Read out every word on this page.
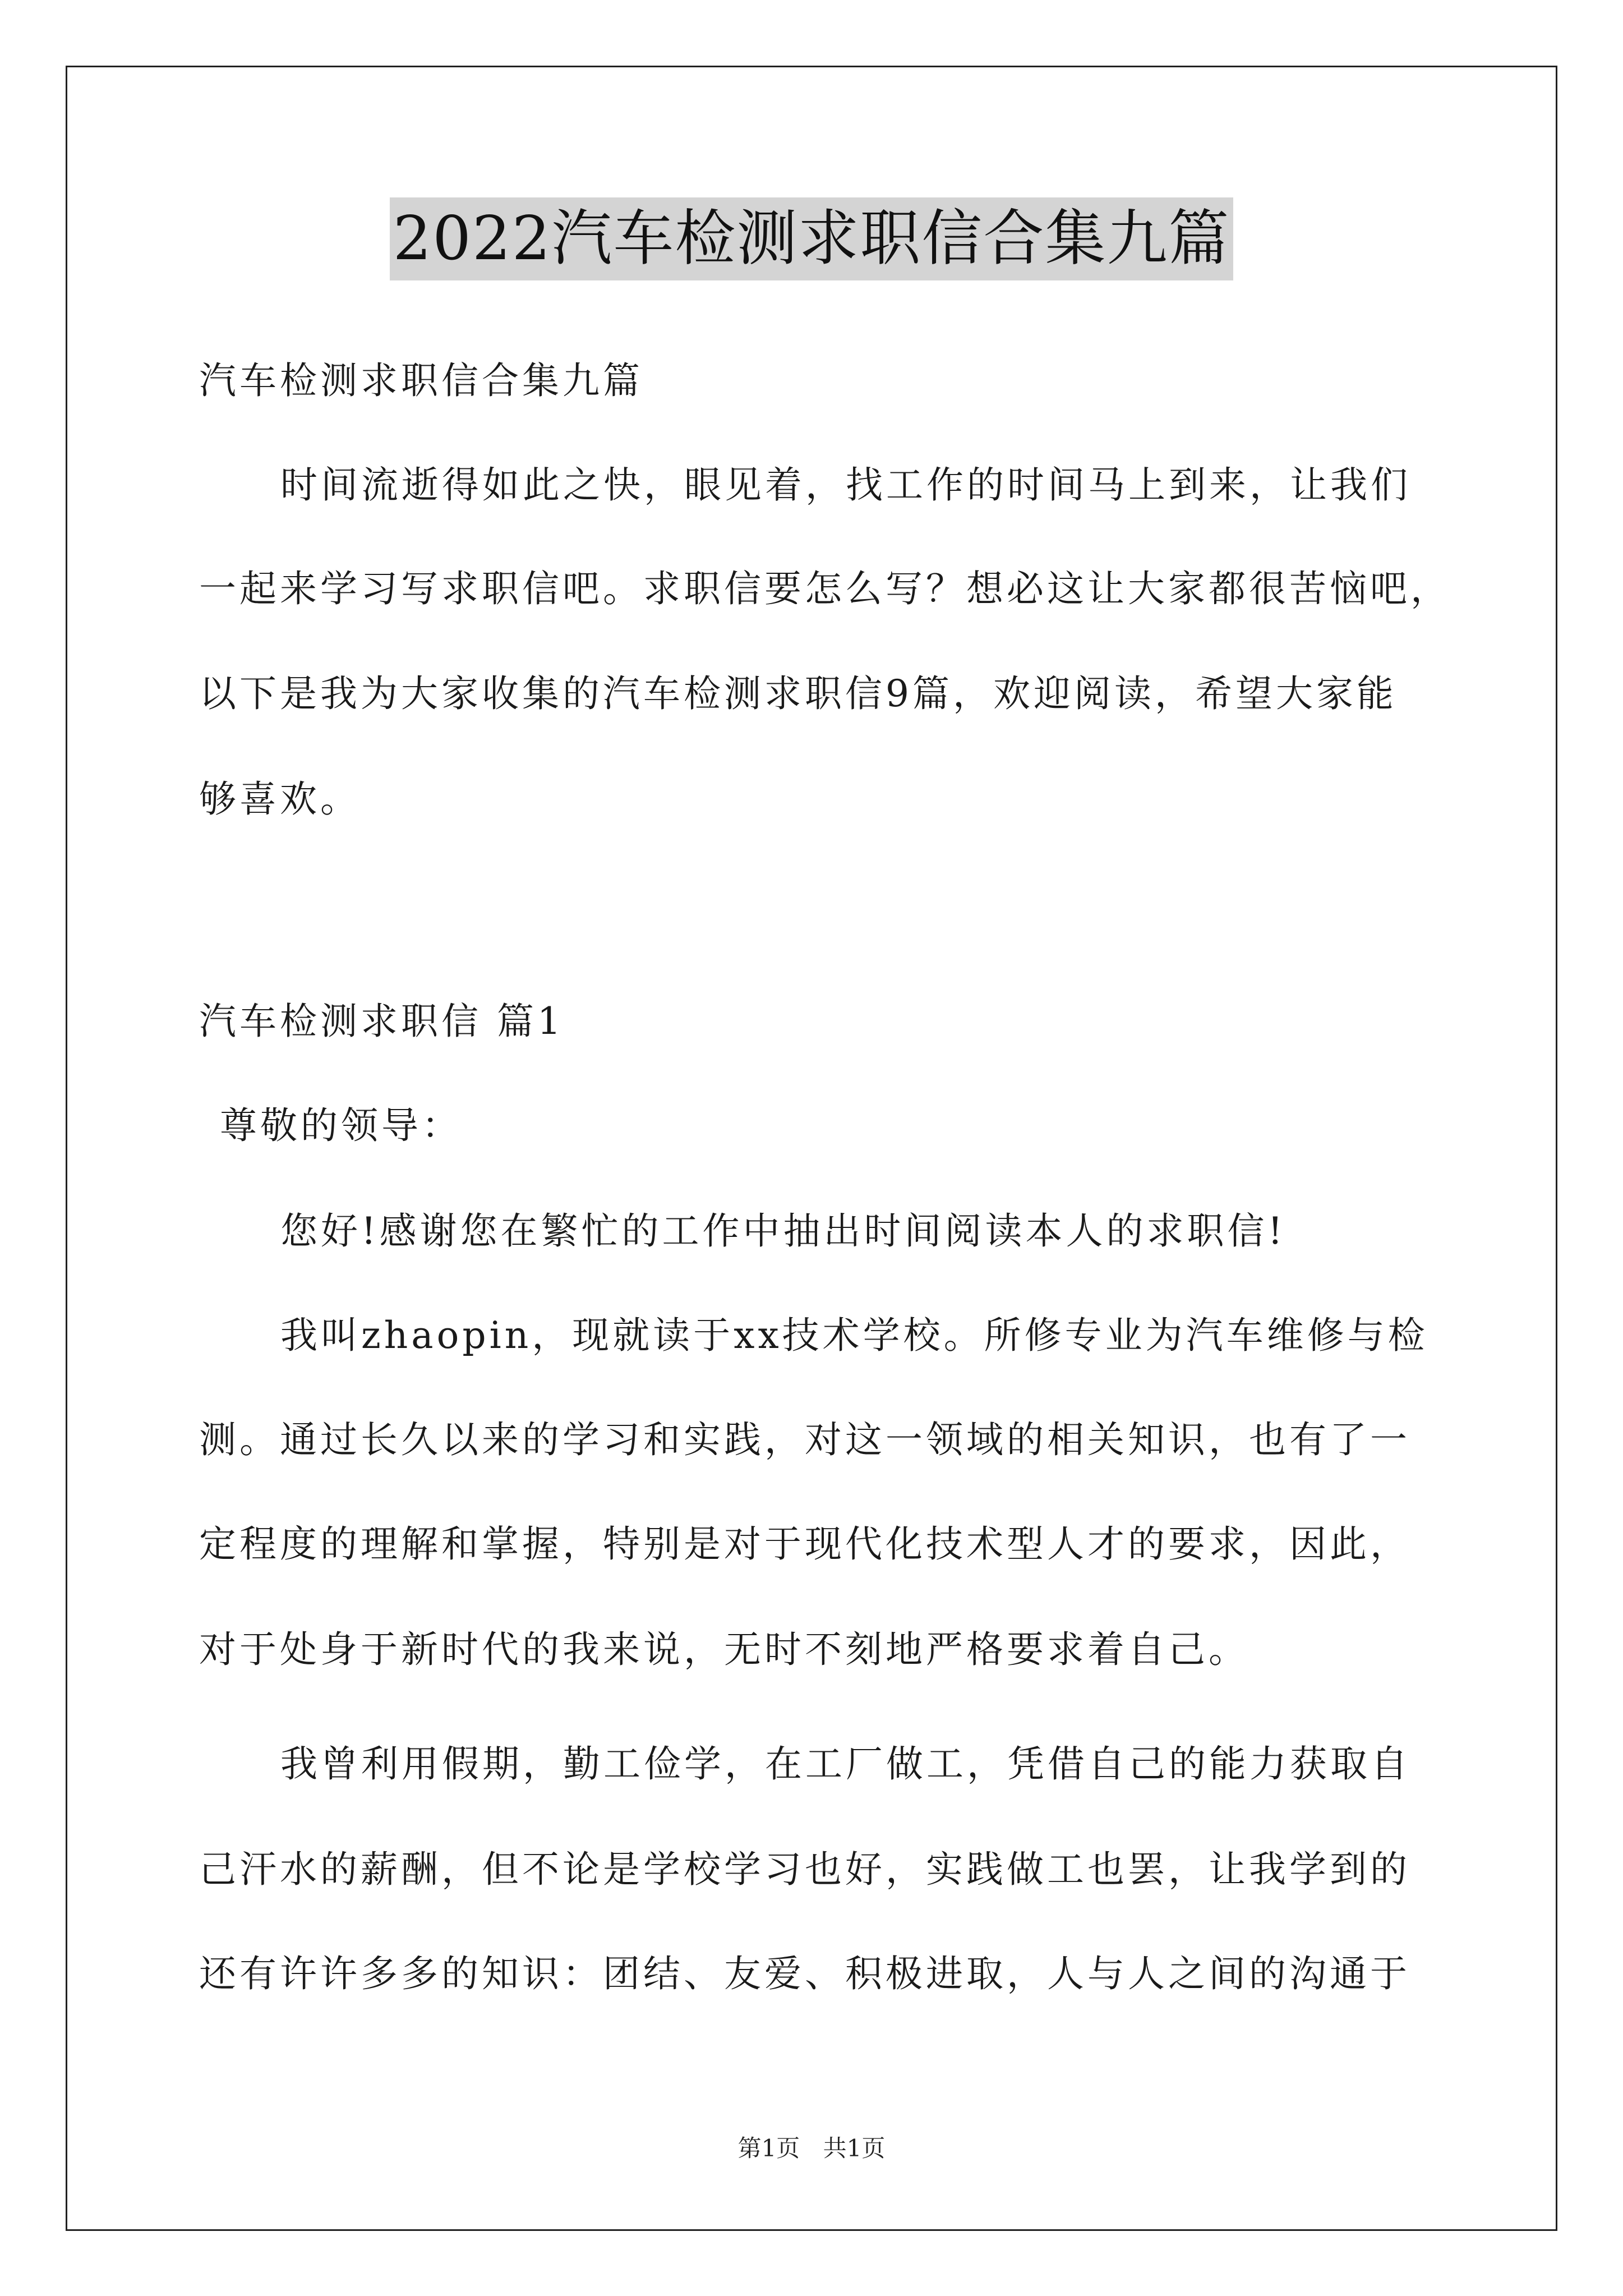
2022汽车检测求职信合集九篇
汽车检测求职信合集九篇
时间流逝得如此之快，眼见着，找工作的时间马上到来，让我们
一起来学习写求职信吧。求职信要怎么写？想必这让大家都很苦恼吧，
以下是我为大家收集的汽车检测求职信9篇，欢迎阅读，希望大家能
够喜欢。
汽车检测求职信 篇1
尊敬的领导：
您好!感谢您在繁忙的工作中抽出时间阅读本人的求职信!
我叫zhaopin，现就读于xx技术学校。所修专业为汽车维修与检
测。通过长久以来的学习和实践，对这一领域的相关知识，也有了一
定程度的理解和掌握，特别是对于现代化技术型人才的要求，因此，
对于处身于新时代的我来说，无时不刻地严格要求着自己。
我曾利用假期，勤工俭学，在工厂做工，凭借自己的能力获取自
己汗水的薪酬，但不论是学校学习也好，实践做工也罢，让我学到的
还有许许多多的知识：团结、友爱、积极进取，人与人之间的沟通于
第1页 共1页
